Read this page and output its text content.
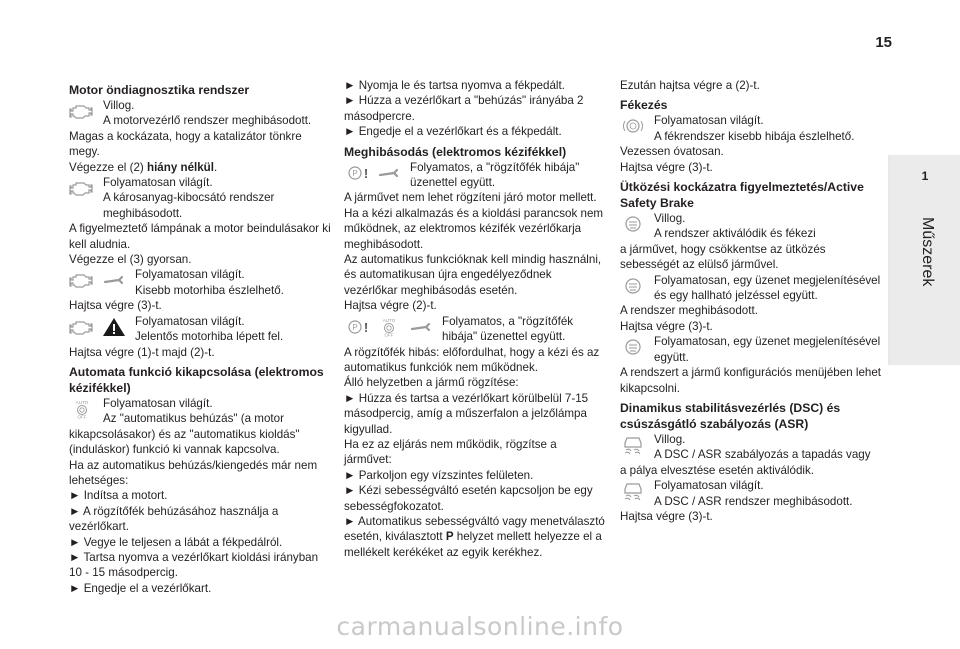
15
1
Műszerek
Motor öndiagnosztika rendszer

Villog.

A motorvezérlő rendszer meghibásodott.

Magas a kockázata, hogy a katalizátor tönkre megy.

Végezze el (2) hiány nélkül.

Folyamatosan világít.

A károsanyag-kibocsátó rendszer meghibásodott.

A figyelmeztető lámpának a motor beindulásakor ki kell aludnia.

Végezze el (3) gyorsan.

Folyamatosan világít.

Kisebb motorhiba észlelhető.

Hajtsa végre (3)-t.

Folyamatosan világít.

Jelentős motorhiba lépett fel.

Hajtsa végre (1)-t majd (2)-t.

Automata funkció kikapcsolása (elektromos kézifékkel)

Folyamatosan világít.

Az "automatikus behúzás" (a motor

kikapcsolásakor) és az "automatikus kioldás" (induláskor) funkció ki vannak kapcsolva.

Ha az automatikus behúzás/kiengedés már nem lehetséges:

► Indítsa a motort.

► A rögzítőfék behúzásához használja a vezérlőkart.

► Vegye le teljesen a lábát a fékpedálról.

► Tartsa nyomva a vezérlőkart kioldási irányban 10 - 15 másodpercig.

► Engedje el a vezérlőkart.

► Nyomja le és tartsa nyomva a fékpedált.

► Húzza a vezérlőkart a "behúzás" irányába 2 másodpercre.

► Engedje el a vezérlőkart és a fékpedált.

Meghibásodás (elektromos kézifékkel)

Folyamatos, a "rögzítőfék hibája" üzenettel együtt.

A járművet nem lehet rögzíteni járó motor mellett.

Ha a kézi alkalmazás és a kioldási parancsok nem működnek, az elektromos kézifék vezérlőkarja meghibásodott.

Az automatikus funkcióknak kell mindig használni, és automatikusan újra engedélyeződnek vezérlőkar meghibásodás esetén.

Hajtsa végre (2)-t.

Folyamatos, a "rögzítőfék hibája" üzenettel együtt.

A rögzítőfék hibás: előfordulhat, hogy a kézi és az automatikus funkciók nem működnek.

Álló helyzetben a jármű rögzítése:

► Húzza és tartsa a vezérlőkart körülbelül 7-15 másodpercig, amíg a műszerfalon a jelzőlámpa kigyullad.

Ha ez az eljárás nem működik, rögzítse a járművet:

► Parkoljon egy vízszintes felületen.

► Kézi sebességváltó esetén kapcsoljon be egy sebességfokozatot.

► Automatikus sebességváltó vagy menetválasztó esetén, kiválasztott P helyzet mellett helyezze el a mellékelt kerékéket az egyik kerékhez.

Ezután hajtsa végre a (2)-t.

Fékezés

Folyamatosan világít.

A fékrendszer kisebb hibája észlelhető.

Vezessen óvatosan.

Hajtsa végre (3)-t.

Ütközési kockázatra figyelmeztetés/Active Safety Brake

Villog.

A rendszer aktiválódik és fékezi

a járművet, hogy csökkentse az ütközés sebességét az elülső járművel.

Folyamatosan, egy üzenet megjelenítésével és egy hallható jelzéssel együtt.

A rendszer meghibásodott.

Hajtsa végre (3)-t.

Folyamatosan, egy üzenet megjelenítésével együtt.

A rendszert a jármű konfigurációs menüjében lehet kikapcsolni.

Dinamikus stabilitásvezérlés (DSC) és csúszásgátló szabályozás (ASR)

Villog.

A DSC / ASR szabályozás a tapadás vagy

a pálya elvesztése esetén aktiválódik.

Folyamatosan világít.

A DSC / ASR rendszer meghibásodott.

Hajtsa végre (3)-t.

carmanualsonline.info
